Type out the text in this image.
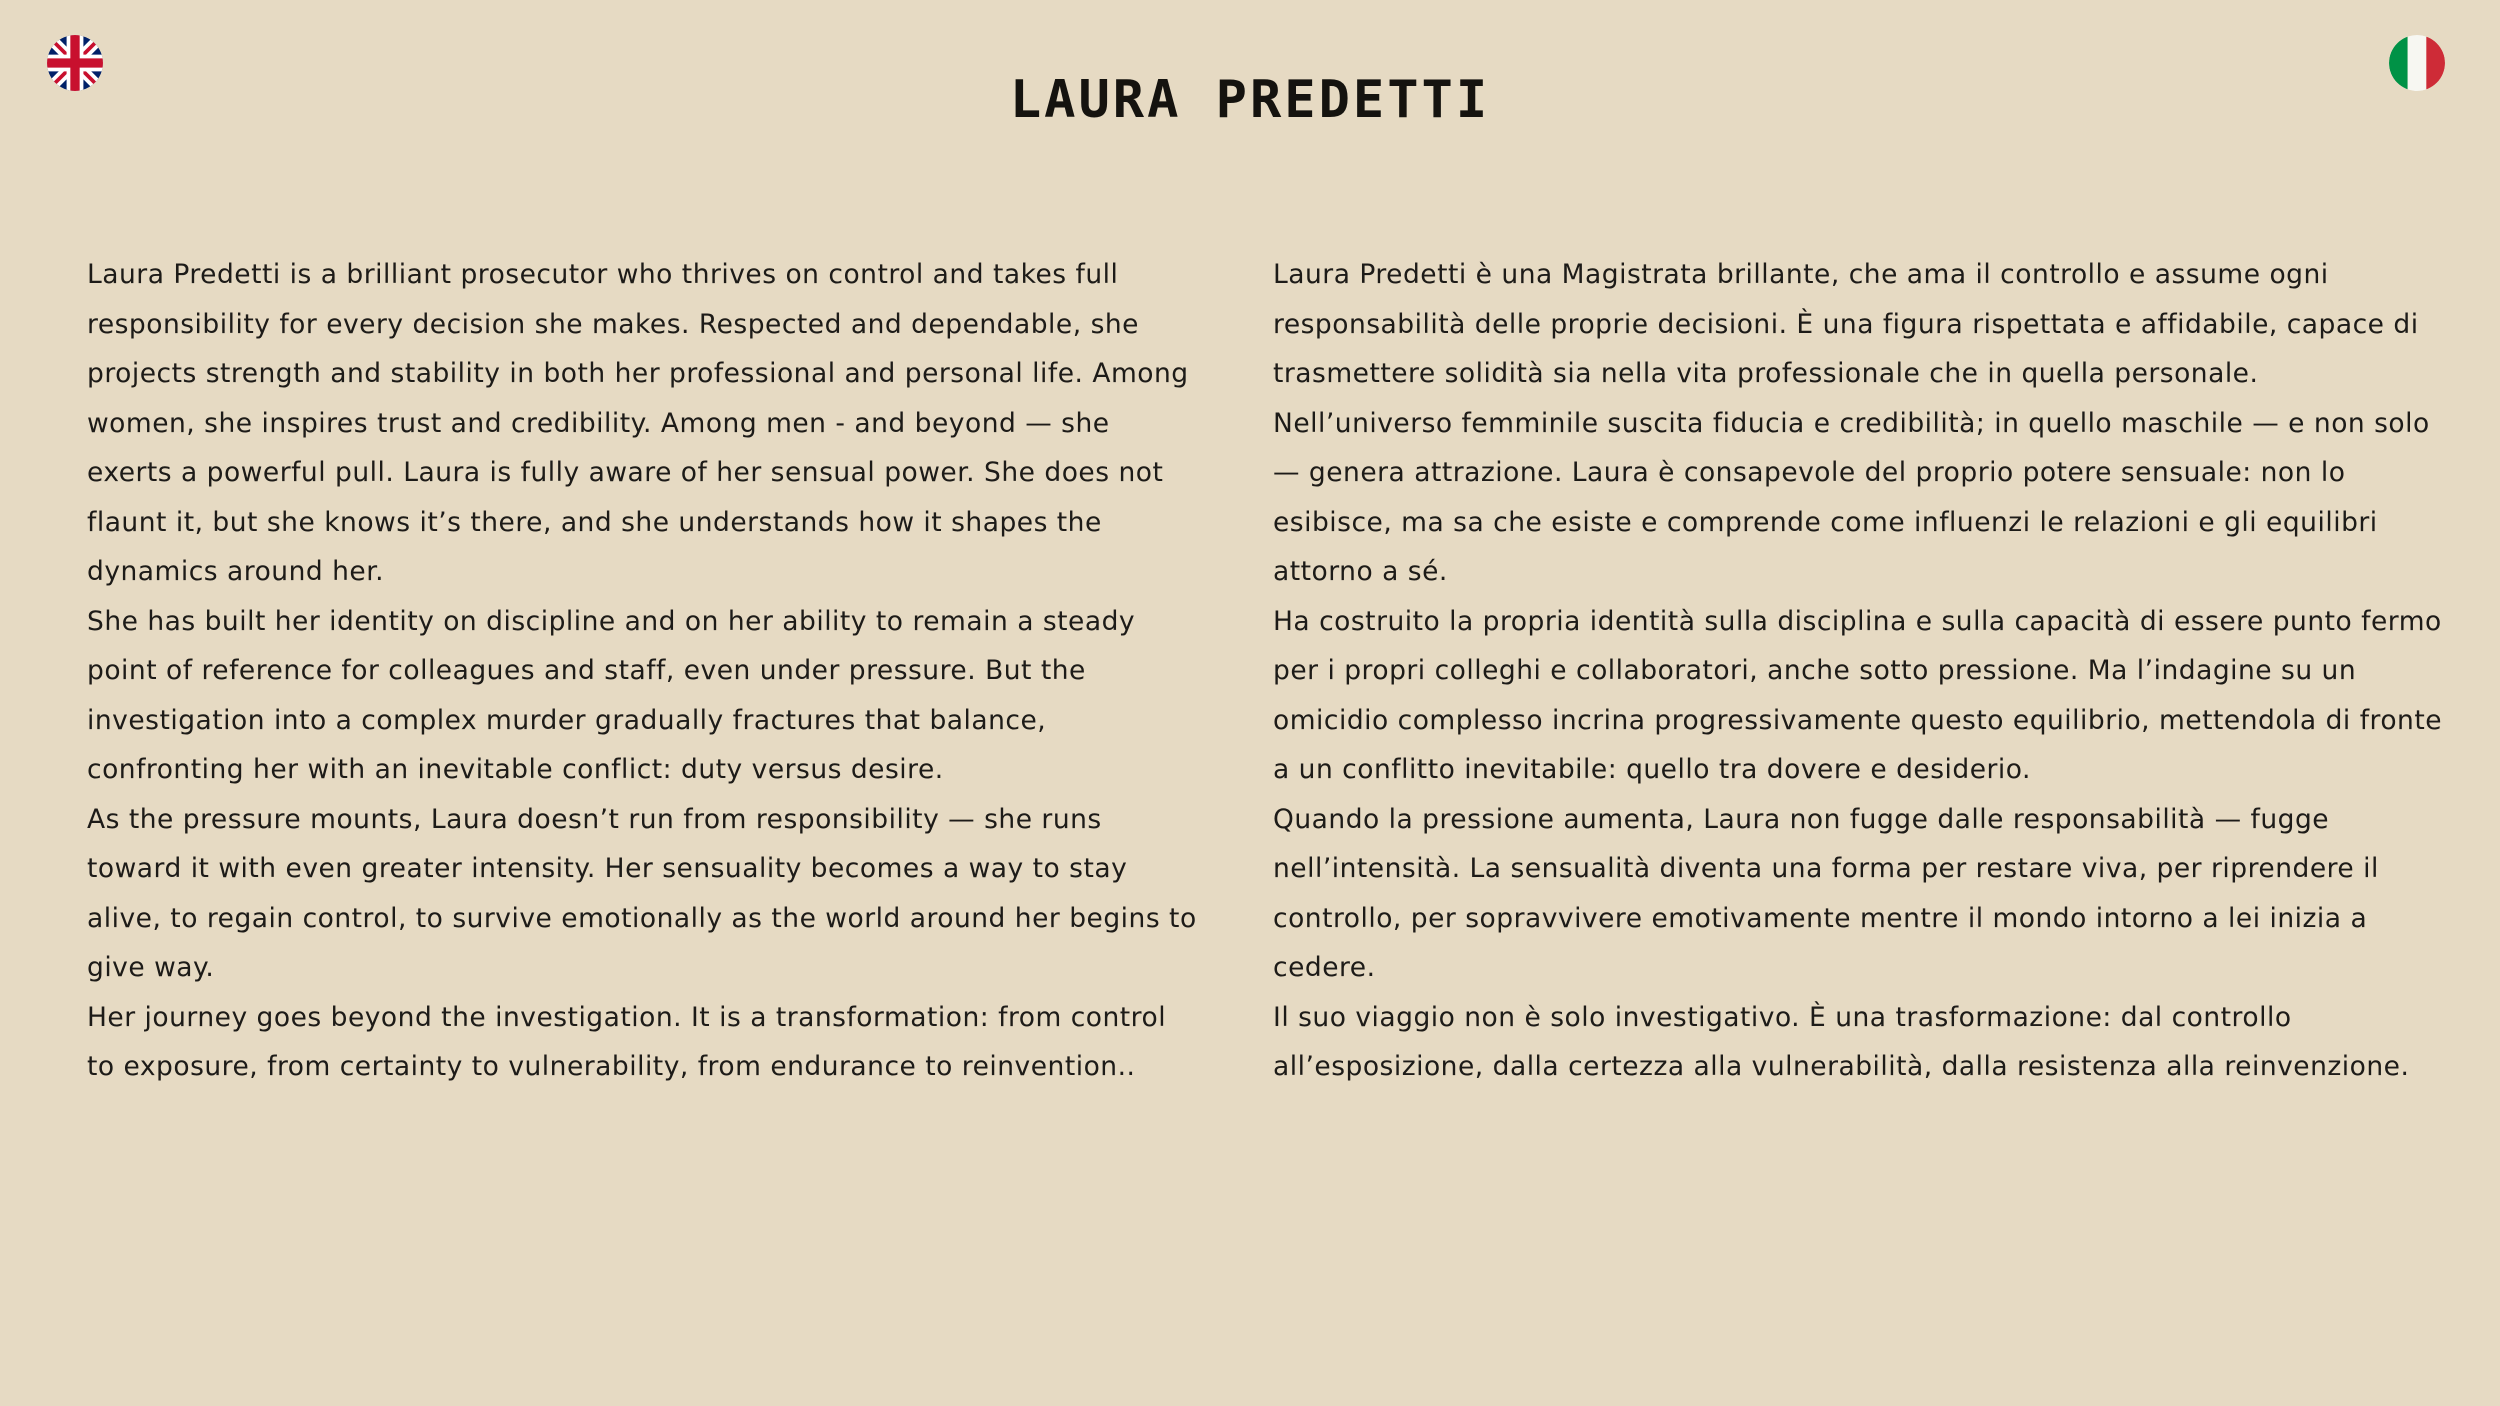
LAURA PREDETTI

Laura Predetti is a brilliant prosecutor who thrives on control and takes full responsibility for every decision she makes. Respected and dependable, she projects strength and stability in both her professional and personal life. Among women, she inspires trust and credibility. Among men - and beyond — she exerts a powerful pull. Laura is fully aware of her sensual power. She does not flaunt it, but she knows it’s there, and she understands how it shapes the dynamics around her.

She has built her identity on discipline and on her ability to remain a steady point of reference for colleagues and staff, even under pressure. But the investigation into a complex murder gradually fractures that balance, confronting her with an inevitable conflict: duty versus desire.

As the pressure mounts, Laura doesn’t run from responsibility — she runs toward it with even greater intensity. Her sensuality becomes a way to stay alive, to regain control, to survive emotionally as the world around her begins to give way.

Her journey goes beyond the investigation. It is a transformation: from control to exposure, from certainty to vulnerability, from endurance to reinvention..

Laura Predetti è una Magistrata brillante, che ama il controllo e assume ogni responsabilità delle proprie decisioni. È una figura rispettata e affidabile, capace di trasmettere solidità sia nella vita professionale che in quella personale. Nell’universo femminile suscita fiducia e credibilità; in quello maschile — e non solo — genera attrazione. Laura è consapevole del proprio potere sensuale: non lo esibisce, ma sa che esiste e comprende come influenzi le relazioni e gli equilibri attorno a sé.

Ha costruito la propria identità sulla disciplina e sulla capacità di essere punto fermo per i propri colleghi e collaboratori, anche sotto pressione. Ma l’indagine su un omicidio complesso incrina progressivamente questo equilibrio, mettendola di fronte a un conflitto inevitabile: quello tra dovere e desiderio.

Quando la pressione aumenta, Laura non fugge dalle responsabilità — fugge nell’intensità. La sensualità diventa una forma per restare viva, per riprendere il controllo, per sopravvivere emotivamente mentre il mondo intorno a lei inizia a cedere.

Il suo viaggio non è solo investigativo. È una trasformazione: dal controllo all’esposizione, dalla certezza alla vulnerabilità, dalla resistenza alla reinvenzione.
